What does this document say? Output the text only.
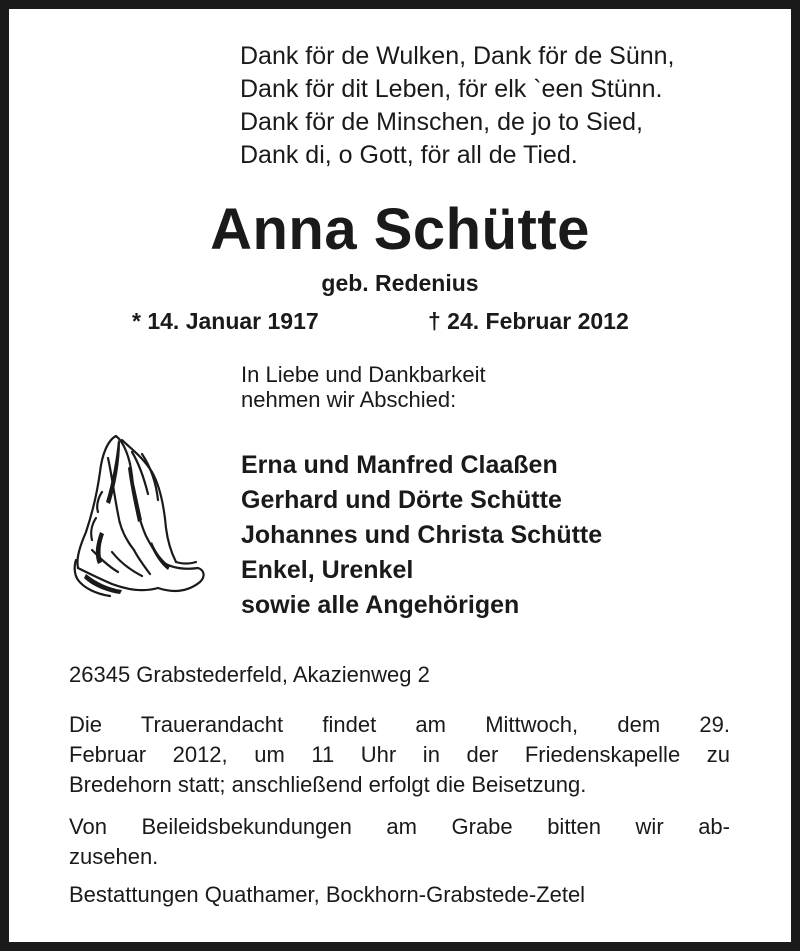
Dank för de Wulken, Dank för de Sünn,
Dank för dit Leben, för elk `een Stünn.
Dank för de Minschen, de jo to Sied,
Dank di, o Gott, för all de Tied.
Anna Schütte
geb. Redenius
* 14. Januar 1917	† 24. Februar 2012
In Liebe und Dankbarkeit
nehmen wir Abschied:
Erna und Manfred Claaßen
Gerhard und Dörte Schütte
Johannes und Christa Schütte
Enkel, Urenkel
sowie alle Angehörigen
26345 Grabstederfeld, Akazienweg 2
Die Trauerandacht findet am Mittwoch, dem 29.
Februar 2012, um 11 Uhr in der Friedenskapelle zu
Bredehorn statt; anschließend erfolgt die Beisetzung.
Von Beileidsbekundungen am Grabe bitten wir ab-
zusehen.
Bestattungen Quathamer, Bockhorn-Grabstede-Zetel
